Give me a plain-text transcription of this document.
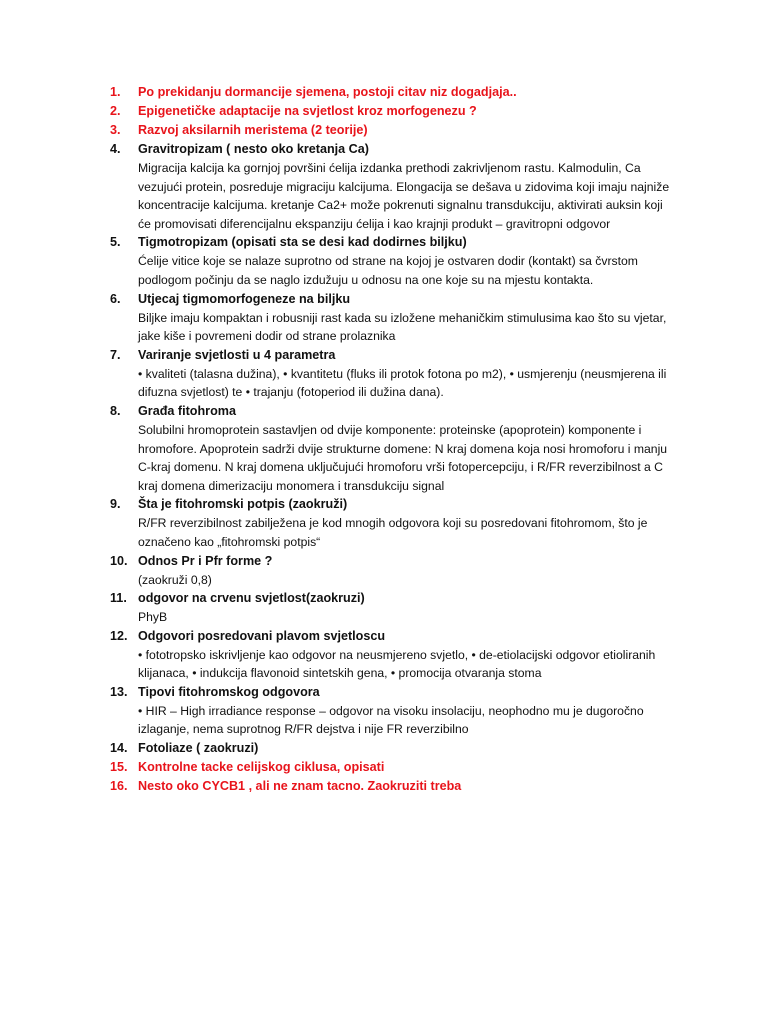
1.	Po prekidanju dormancije sjemena, postoji citav niz dogadjaja..
2.	Epigenetičke adaptacije na svjetlost kroz morfogenezu ?
3.	Razvoj aksilarnih meristema (2 teorije)
4.	Gravitropizam ( nesto oko kretanja Ca)

Migracija kalcija ka gornjoj površini ćelija izdanka prethodi zakrivljenom rastu. Kalmodulin, Ca vezujući protein, posreduje migraciju kalcijuma. Elongacija se dešava u zidovima koji imaju najniže koncentracije kalcijuma. kretanje Ca2+ može pokrenuti signalnu transdukciju, aktivirati auksin koji će promovisati diferencijalnu ekspanziju ćelija i kao krajnji produkt – gravitropni odgovor

5.	Tigmotropizam (opisati sta se desi kad dodirnes biljku)

Ćelije vitice koje se nalaze suprotno od strane na kojoj je ostvaren dodir (kontakt) sa čvrstom podlogom počinju da se naglo izdužuju u odnosu na one koje su na mjestu kontakta.

6.	Utjecaj tigmomorfogeneze na biljku

Biljke imaju kompaktan i robusniji rast kada su izložene mehaničkim stimulusima kao što su vjetar, jake kiše i povremeni dodir od strane prolaznika

7.	Variranje svjetlosti u 4 parametra

• kvaliteti (talasna dužina), • kvantitetu (fluks ili protok fotona po m2), • usmjerenju (neusmjerena ili difuzna svjetlost) te • trajanju (fotoperiod ili dužina dana).

8.	Građa fitohroma

Solubilni hromoprotein sastavljen od dvije komponente: proteinske (apoprotein) komponente i hromofore. Apoprotein sadrži dvije strukturne domene: N kraj domena koja nosi hromoforu i manju C-kraj domenu. N kraj domena uključujući hromoforu vrši fotopercepciju, i R/FR reverzibilnost a C kraj domena dimerizaciju monomera i transdukciju signal

9.	Šta je fitohromski potpis (zaokruži)

R/FR reverzibilnost zabilježena je kod mnogih odgovora koji su posredovani fitohromom, što je označeno kao „fitohromski potpis“

10. Odnos Pr i Pfr forme ?

(zaokruži 0,8)

11. odgovor na crvenu svjetlost(zaokruzi)

PhyB

12. Odgovori posredovani plavom svjetloscu

• fototropsko iskrivljenje kao odgovor na neusmjereno svjetlo, • de-etiolacijski odgovor etioliranih klijanaca, • indukcija flavonoid sintetskih gena, • promocija otvaranja stoma

13. Tipovi fitohromskog odgovora

• HIR – High irradiance response – odgovor na visoku insolaciju, neophodno mu je dugoročno izlaganje, nema suprotnog R/FR dejstva i nije FR reverzibilno

14. Fotoliaze ( zaokruzi)

15. Kontrolne tacke celijskog ciklusa, opisati
16. Nesto oko CYCB1 , ali ne znam tacno. Zaokruziti treba
